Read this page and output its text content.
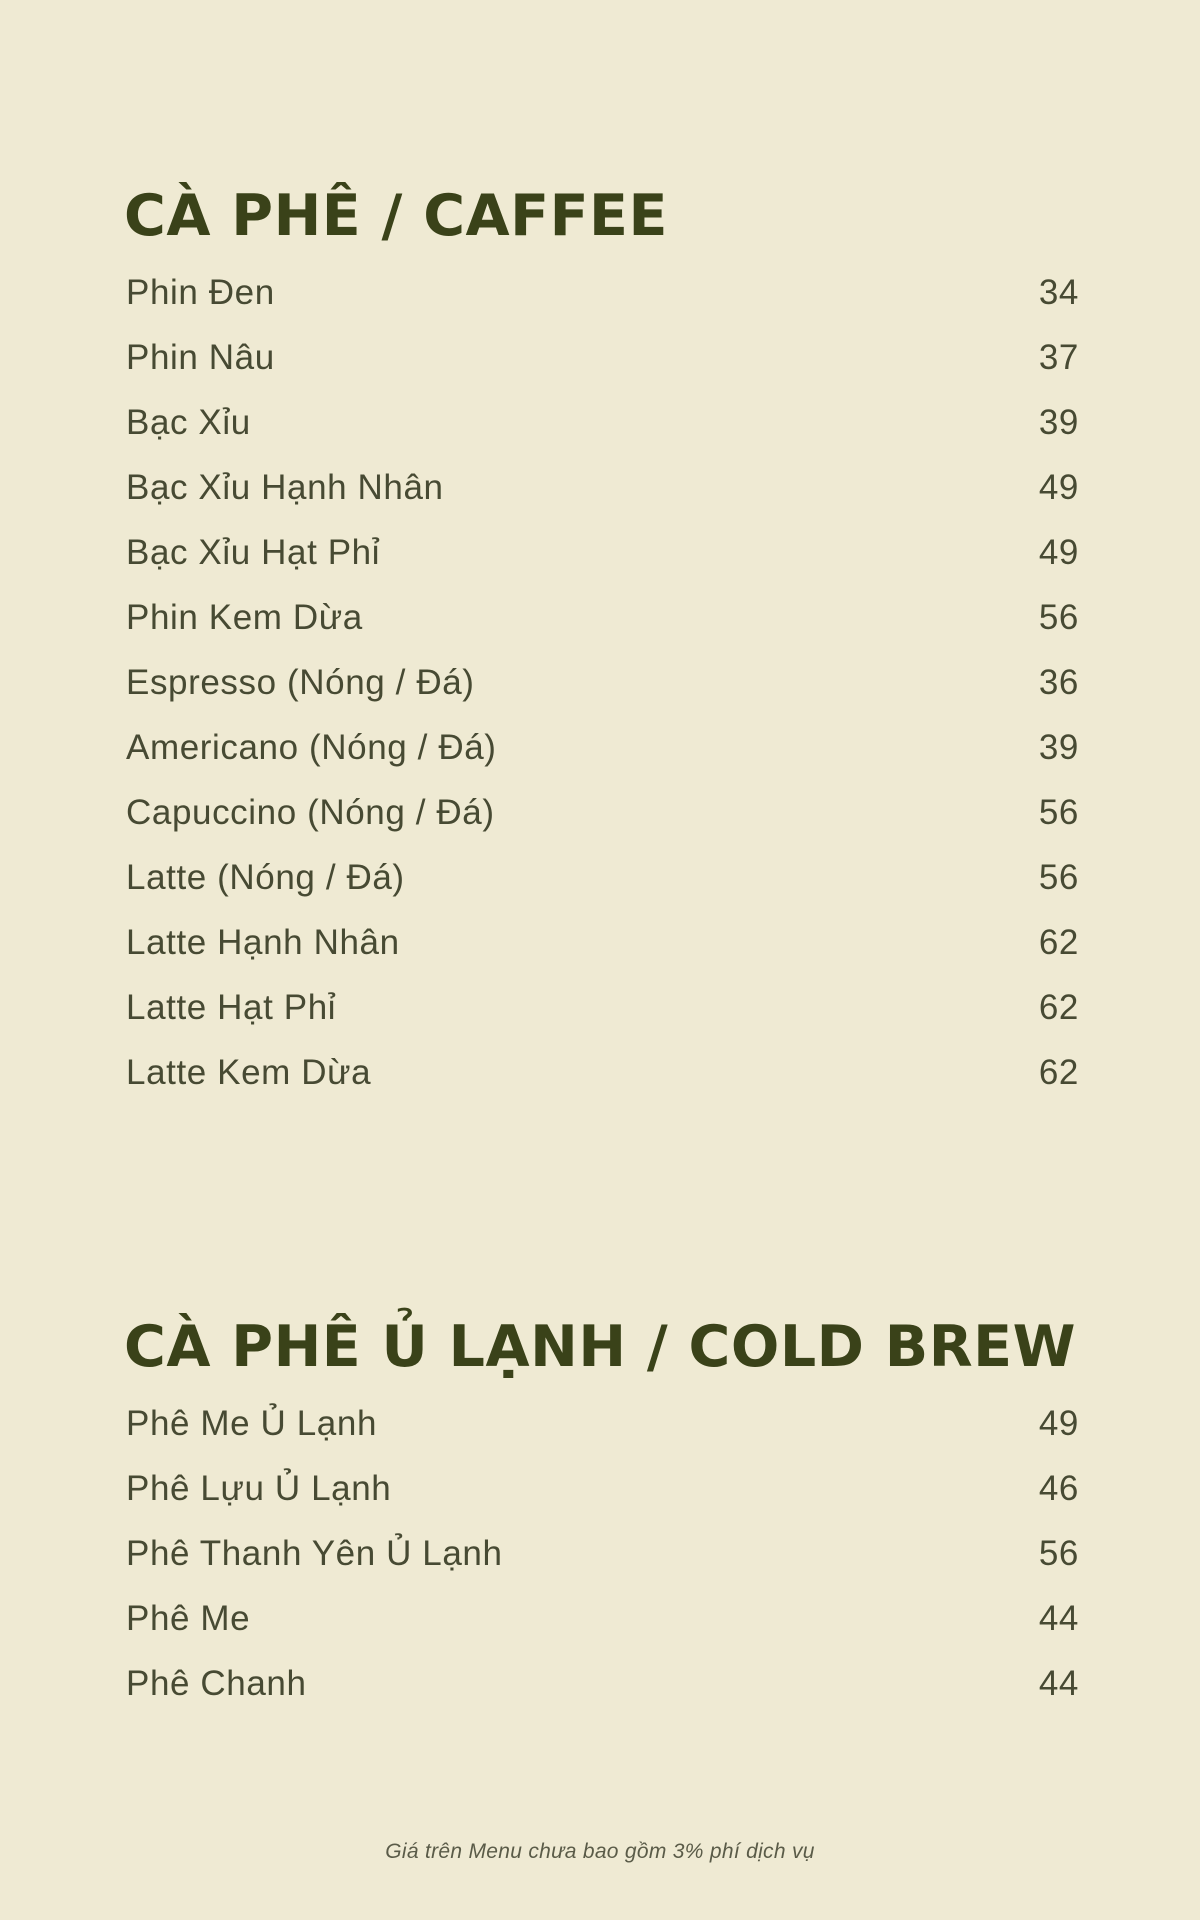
CÀ PHÊ / CAFFEE
Phin Đen	34
Phin Nâu	37
Bạc Xỉu	39
Bạc Xỉu Hạnh Nhân	49
Bạc Xỉu Hạt Phỉ	49
Phin Kem Dừa	56
Espresso (Nóng / Đá)	36
Americano (Nóng / Đá)	39
Capuccino (Nóng / Đá)	56
Latte (Nóng / Đá)	56
Latte Hạnh Nhân	62
Latte Hạt Phỉ	62
Latte Kem Dừa	62
CÀ PHÊ Ủ LẠNH / COLD BREW
Phê Me Ủ Lạnh	49
Phê Lựu Ủ Lạnh	46
Phê Thanh Yên Ủ Lạnh	56
Phê Me	44
Phê Chanh	44
Giá trên Menu chưa bao gồm 3% phí dịch vụ
